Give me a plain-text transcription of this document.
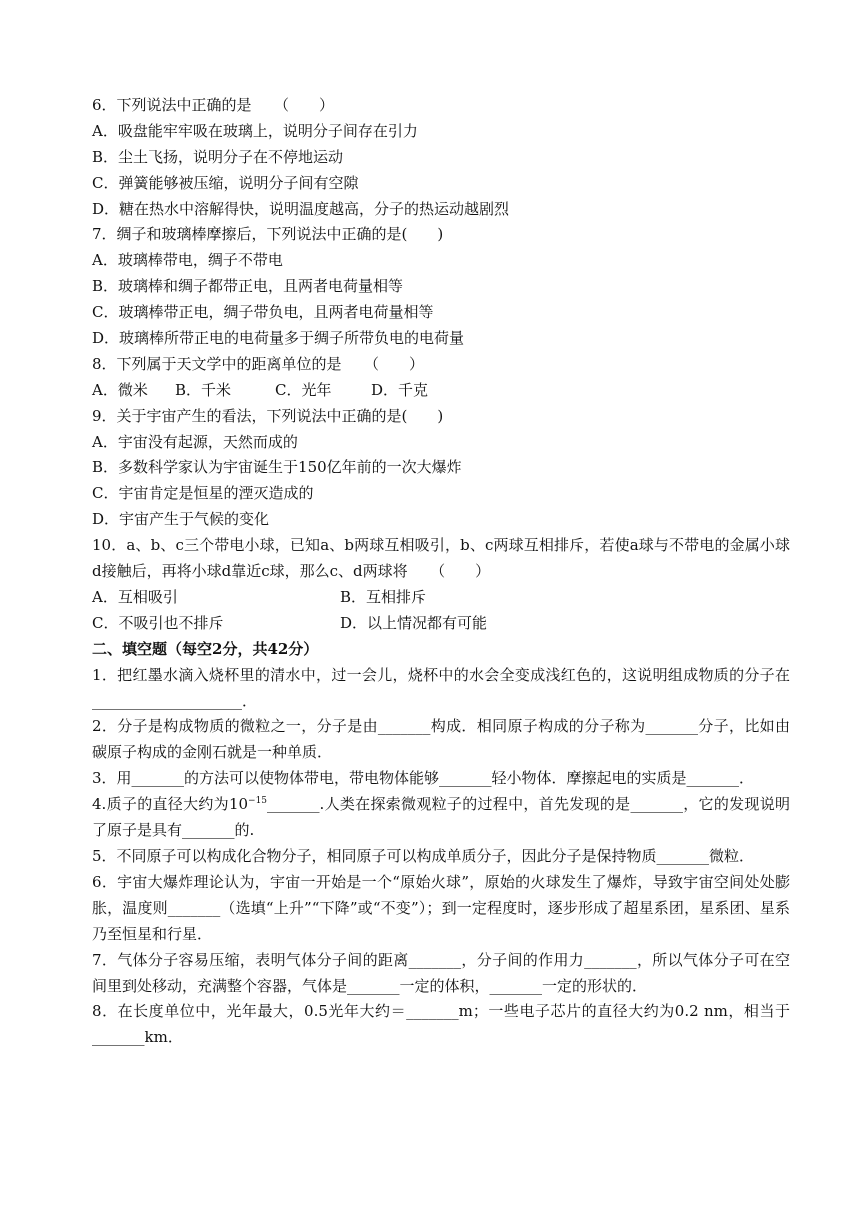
6．下列说法中正确的是　　（　　）
A．吸盘能牢牢吸在玻璃上，说明分子间存在引力
B．尘土飞扬，说明分子在不停地运动
C．弹簧能够被压缩，说明分子间有空隙
D．糖在热水中溶解得快，说明温度越高，分子的热运动越剧烈
7．绸子和玻璃棒摩擦后，下列说法中正确的是(　　)
A．玻璃棒带电，绸子不带电
B．玻璃棒和绸子都带正电，且两者电荷量相等
C．玻璃棒带正电，绸子带负电，且两者电荷量相等
D．玻璃棒所带正电的电荷量多于绸子所带负电的电荷量
8．下列属于天文学中的距离单位的是　　（　　）
A．微米	B．千米	C．光年	D．千克
9．关于宇宙产生的看法，下列说法中正确的是(　　)
A．宇宙没有起源，天然而成的
B．多数科学家认为宇宙诞生于150亿年前的一次大爆炸
C．宇宙肯定是恒星的湮灭造成的
D．宇宙产生于气候的变化
10．a、b、c三个带电小球，已知a、b两球互相吸引，b、c两球互相排斥，若使a球与不带电的金属小球d接触后，再将小球d靠近c球，那么c、d两球将　　（　　）
A．互相吸引	B．互相排斥
C．不吸引也不排斥	D．以上情况都有可能
二、填空题（每空2分，共42分）
1．把红墨水滴入烧杯里的清水中，过一会儿，烧杯中的水会全变成浅红色的，这说明组成物质的分子在____________________．
2．分子是构成物质的微粒之一，分子是由_______构成．相同原子构成的分子称为_______分子，比如由碳原子构成的金刚石就是一种单质．
3．用_______的方法可以使物体带电，带电物体能够_______轻小物体．摩擦起电的实质是_______．
4.质子的直径大约为$10^{-15}\_\_\_\_\_\_\_$.人类在探索微观粒子的过程中，首先发现的是_______，它的发现说明了原子是具有_______的.
5．不同原子可以构成化合物分子，相同原子可以构成单质分子，因此分子是保持物质_______微粒．
6．宇宙大爆炸理论认为，宇宙一开始是一个“原始火球”，原始的火球发生了爆炸，导致宇宙空间处处膨胀，温度则_______（选填“上升”“下降”或“不变”）；到一定程度时，逐步形成了超星系团，星系团、星系乃至恒星和行星．
7．气体分子容易压缩，表明气体分子间的距离_______，分子间的作用力_______，所以气体分子可在空间里到处移动，充满整个容器，气体是_______一定的体积，_______一定的形状的．
8．在长度单位中，光年最大，0.5光年大约＝_______m；一些电子芯片的直径大约为0.2 nm，相当于_______km．
